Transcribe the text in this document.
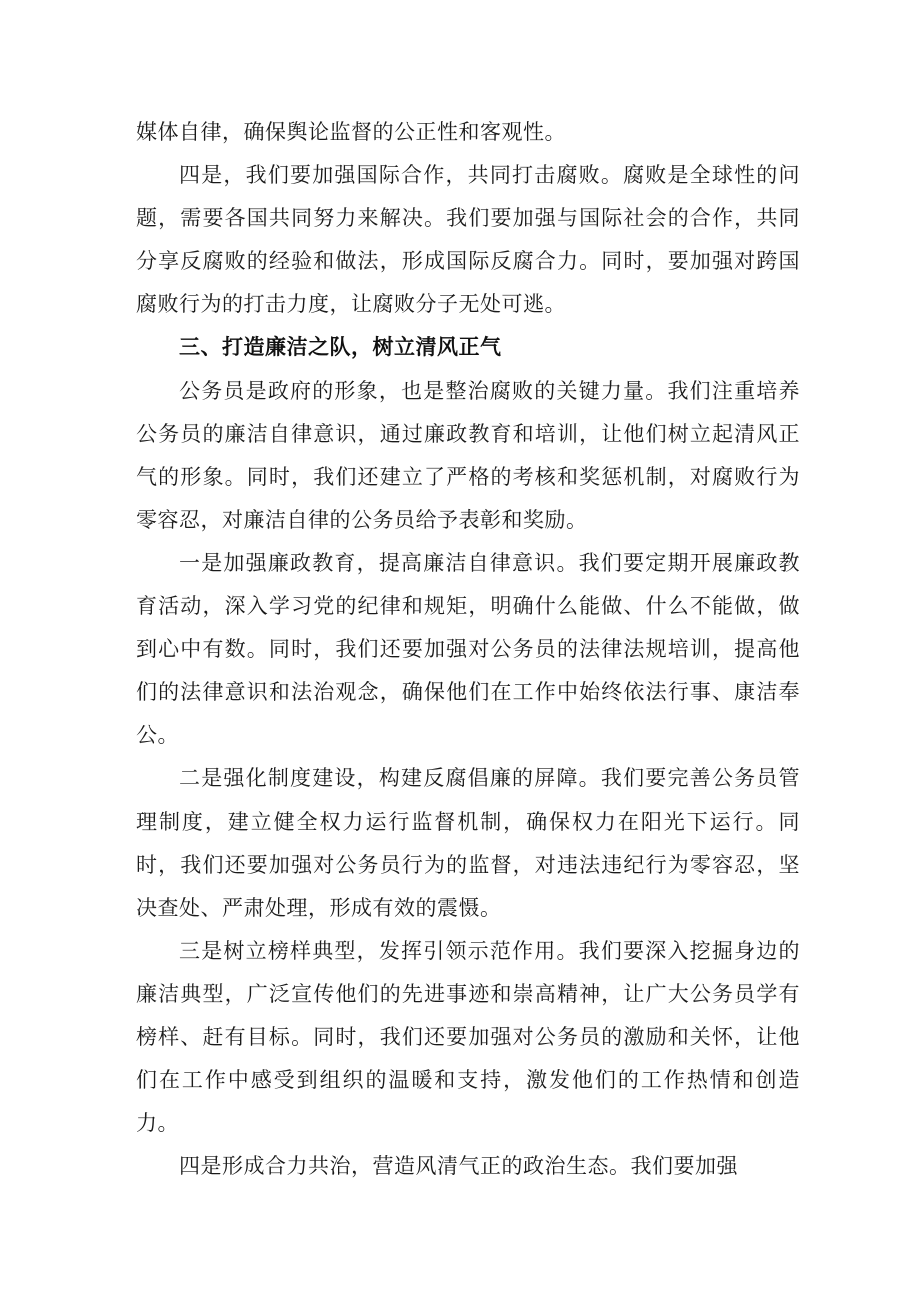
媒体自律，确保舆论监督的公正性和客观性。

四是，我们要加强国际合作，共同打击腐败。腐败是全球性的问题，需要各国共同努力来解决。我们要加强与国际社会的合作，共同分享反腐败的经验和做法，形成国际反腐合力。同时，要加强对跨国腐败行为的打击力度，让腐败分子无处可逃。

三、打造廉洁之队，树立清风正气

公务员是政府的形象，也是整治腐败的关键力量。我们注重培养公务员的廉洁自律意识，通过廉政教育和培训，让他们树立起清风正气的形象。同时，我们还建立了严格的考核和奖惩机制，对腐败行为零容忍，对廉洁自律的公务员给予表彰和奖励。

一是加强廉政教育，提高廉洁自律意识。我们要定期开展廉政教育活动，深入学习党的纪律和规矩，明确什么能做、什么不能做，做到心中有数。同时，我们还要加强对公务员的法律法规培训，提高他们的法律意识和法治观念，确保他们在工作中始终依法行事、康洁奉公。

二是强化制度建设，构建反腐倡廉的屏障。我们要完善公务员管理制度，建立健全权力运行监督机制，确保权力在阳光下运行。同时，我们还要加强对公务员行为的监督，对违法违纪行为零容忍，坚决查处、严肃处理，形成有效的震慑。

三是树立榜样典型，发挥引领示范作用。我们要深入挖掘身边的廉洁典型，广泛宣传他们的先进事迹和崇高精神，让广大公务员学有榜样、赶有目标。同时，我们还要加强对公务员的激励和关怀，让他们在工作中感受到组织的温暖和支持，激发他们的工作热情和创造力。

四是形成合力共治，营造风清气正的政治生态。我们要加强
